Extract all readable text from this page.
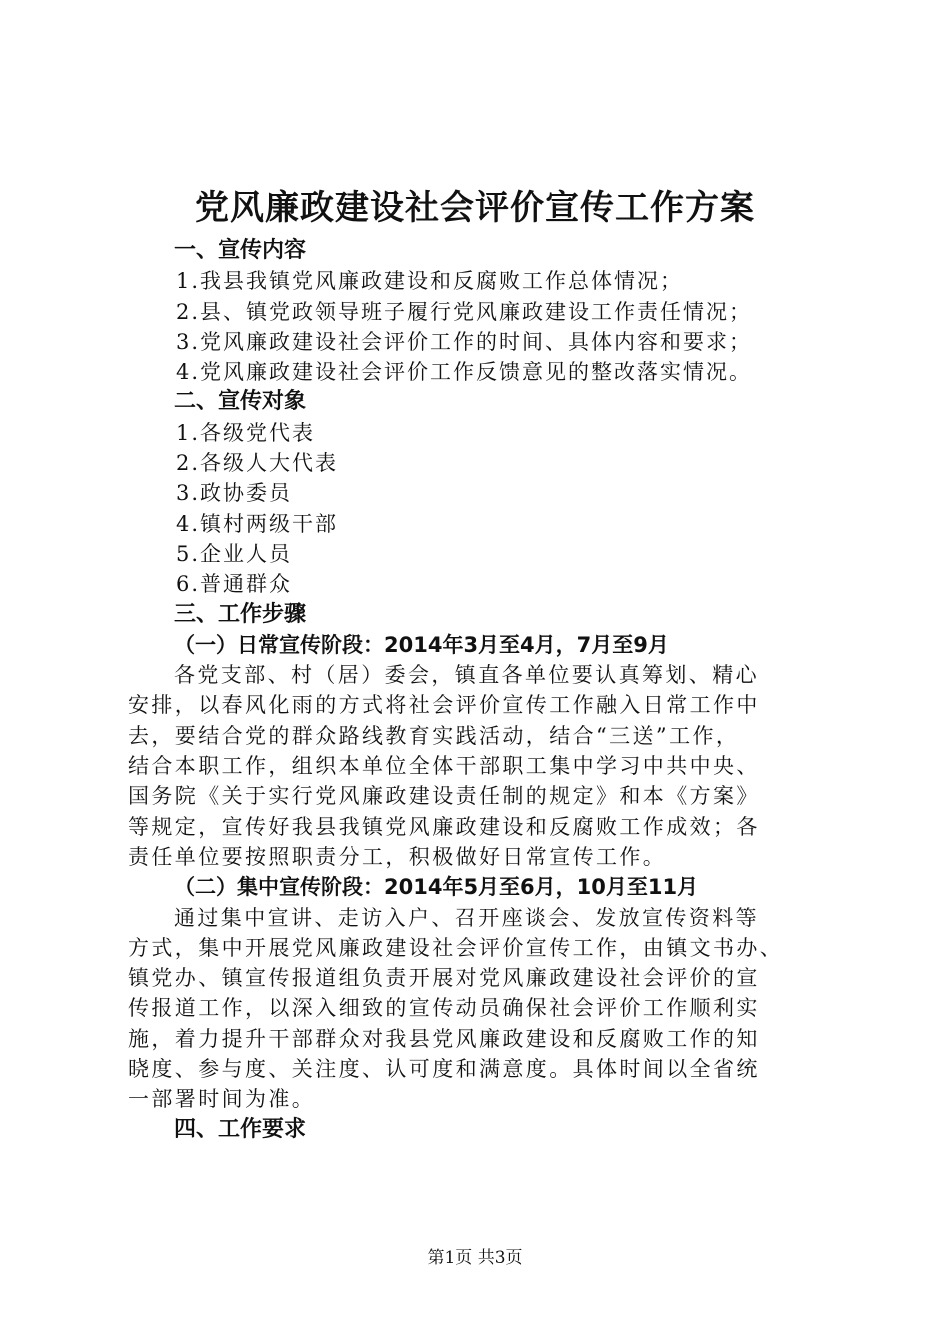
党风廉政建设社会评价宣传工作方案
一、宣传内容
1.我县我镇党风廉政建设和反腐败工作总体情况；
2.县、镇党政领导班子履行党风廉政建设工作责任情况；
3.党风廉政建设社会评价工作的时间、具体内容和要求；
4.党风廉政建设社会评价工作反馈意见的整改落实情况。
二、宣传对象
1.各级党代表
2.各级人大代表
3.政协委员
4.镇村两级干部
5.企业人员
6.普通群众
三、工作步骤
（一）日常宣传阶段：2014年3月至4月，7月至9月
各党支部、村（居）委会，镇直各单位要认真筹划、精心
安排，以春风化雨的方式将社会评价宣传工作融入日常工作中
去，要结合党的群众路线教育实践活动，结合“三送”工作，
结合本职工作，组织本单位全体干部职工集中学习中共中央、
国务院《关于实行党风廉政建设责任制的规定》和本《方案》
等规定，宣传好我县我镇党风廉政建设和反腐败工作成效；各
责任单位要按照职责分工，积极做好日常宣传工作。
（二）集中宣传阶段：2014年5月至6月，10月至11月
通过集中宣讲、走访入户、召开座谈会、发放宣传资料等
方式，集中开展党风廉政建设社会评价宣传工作，由镇文书办、
镇党办、镇宣传报道组负责开展对党风廉政建设社会评价的宣
传报道工作，以深入细致的宣传动员确保社会评价工作顺利实
施，着力提升干部群众对我县党风廉政建设和反腐败工作的知
晓度、参与度、关注度、认可度和满意度。具体时间以全省统
一部署时间为准。
四、工作要求
第1页 共3页
